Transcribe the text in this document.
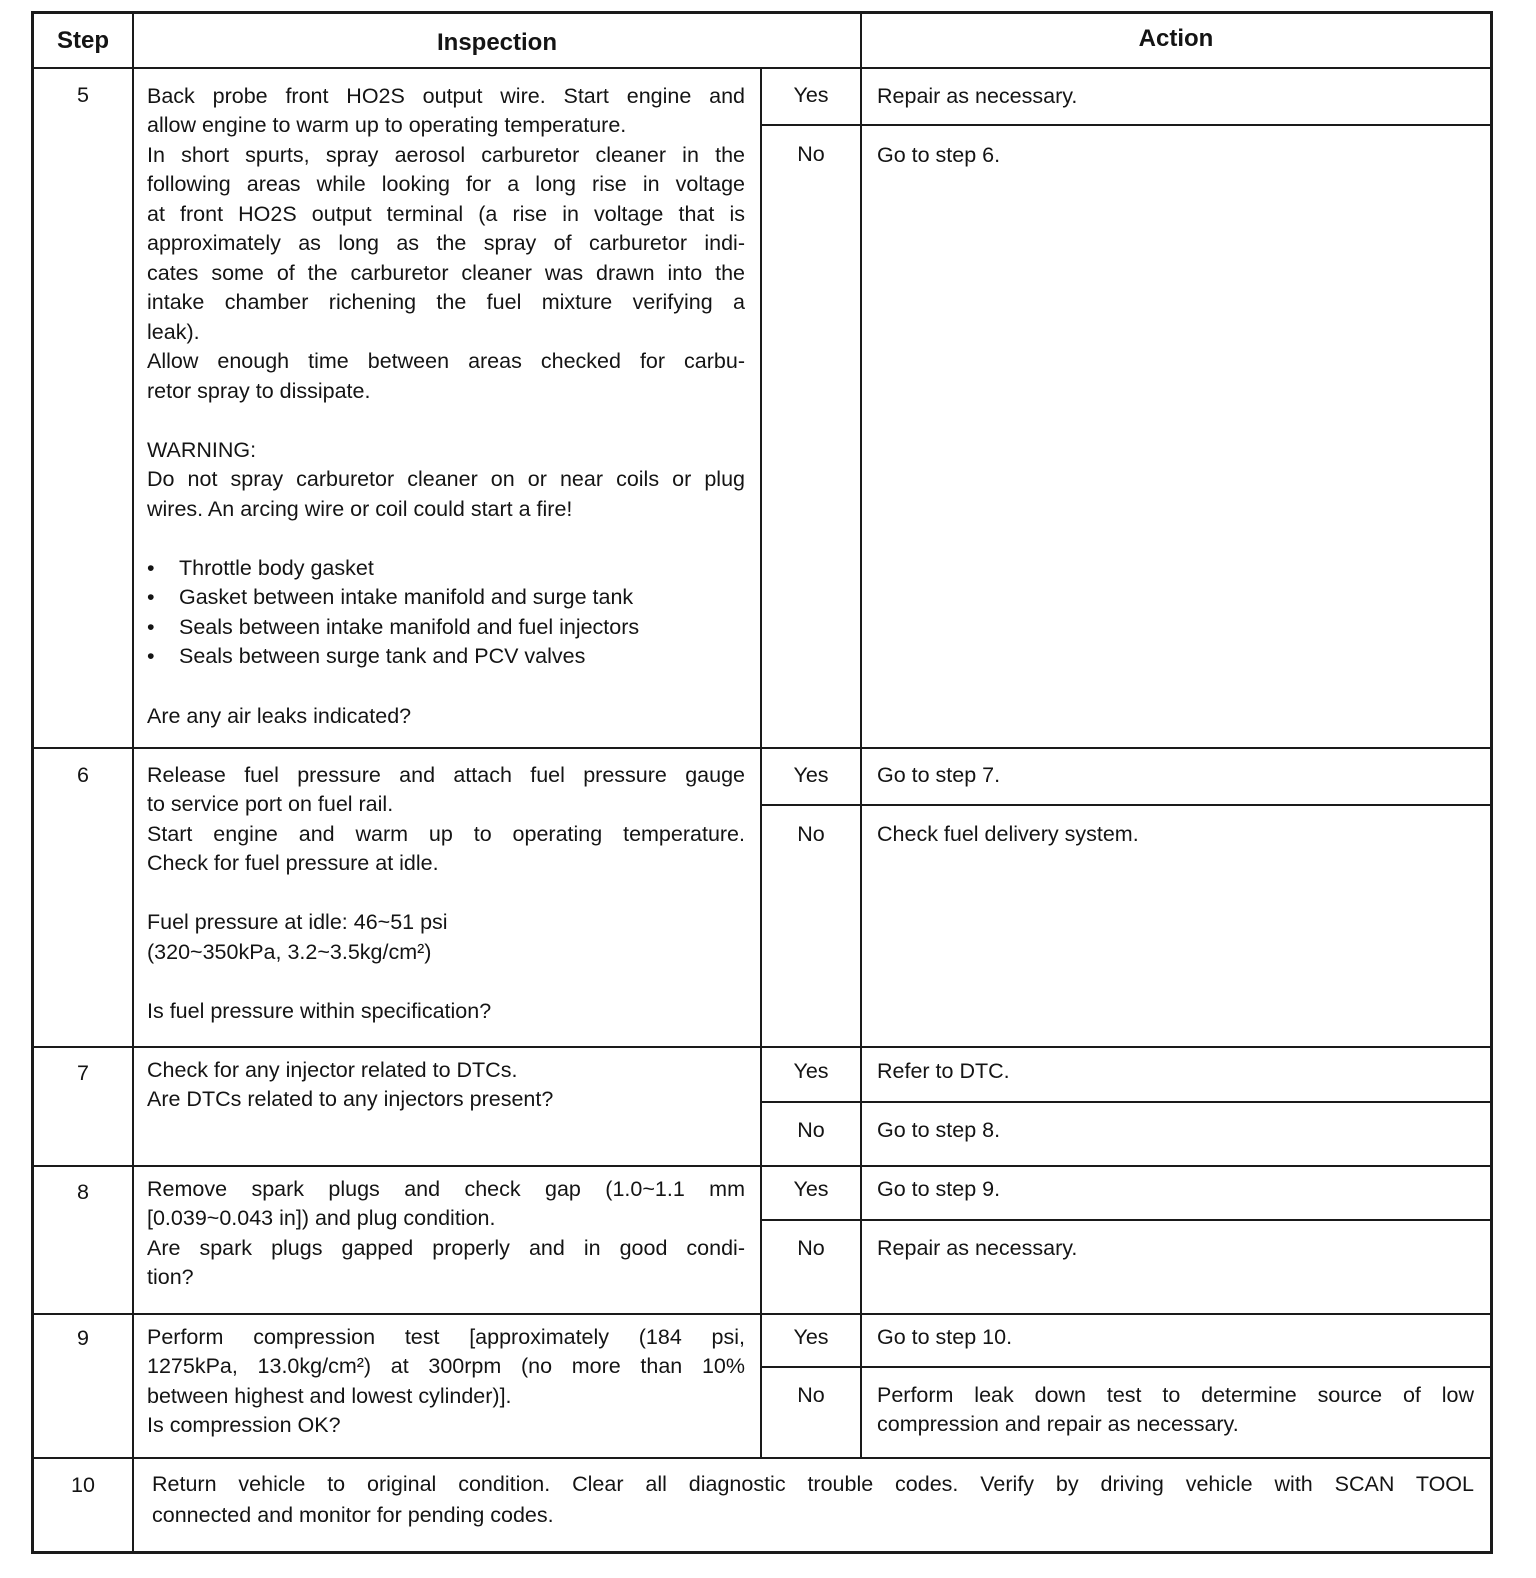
Step	Inspection	Action
5	Back probe front HO2S output wire. Start engine and
allow engine to warm up to operating temperature.
In short spurts, spray aerosol carburetor cleaner in the
following areas while looking for a long rise in voltage
at front HO2S output terminal (a rise in voltage that is
approximately as long as the spray of carburetor indi-
cates some of the carburetor cleaner was drawn into the
intake chamber richening the fuel mixture verifying a
leak).
Allow enough time between areas checked for carbu-
retor spray to dissipate.
WARNING:
Do not spray carburetor cleaner on or near coils or plug
wires. An arcing wire or coil could start a fire!
• Throttle body gasket
• Gasket between intake manifold and surge tank
• Seals between intake manifold and fuel injectors
• Seals between surge tank and PCV valves
Are any air leaks indicated?
Yes	Repair as necessary.
No	Go to step 6.
6	Release fuel pressure and attach fuel pressure gauge
to service port on fuel rail.
Start engine and warm up to operating temperature.
Check for fuel pressure at idle.
Fuel pressure at idle: 46~51 psi
(320~350kPa, 3.2~3.5kg/cm²)
Is fuel pressure within specification?
Yes	Go to step 7.
No	Check fuel delivery system.
7	Check for any injector related to DTCs.
Are DTCs related to any injectors present?
Yes	Refer to DTC.
No	Go to step 8.
8	Remove spark plugs and check gap (1.0~1.1 mm
[0.039~0.043 in]) and plug condition.
Are spark plugs gapped properly and in good condi-
tion?
Yes	Go to step 9.
No	Repair as necessary.
9	Perform compression test [approximately (184 psi,
1275kPa, 13.0kg/cm²) at 300rpm (no more than 10%
between highest and lowest cylinder)].
Is compression OK?
Yes	Go to step 10.
No	Perform leak down test to determine source of low
compression and repair as necessary.
10	Return vehicle to original condition. Clear all diagnostic trouble codes. Verify by driving vehicle with SCAN TOOL
connected and monitor for pending codes.
